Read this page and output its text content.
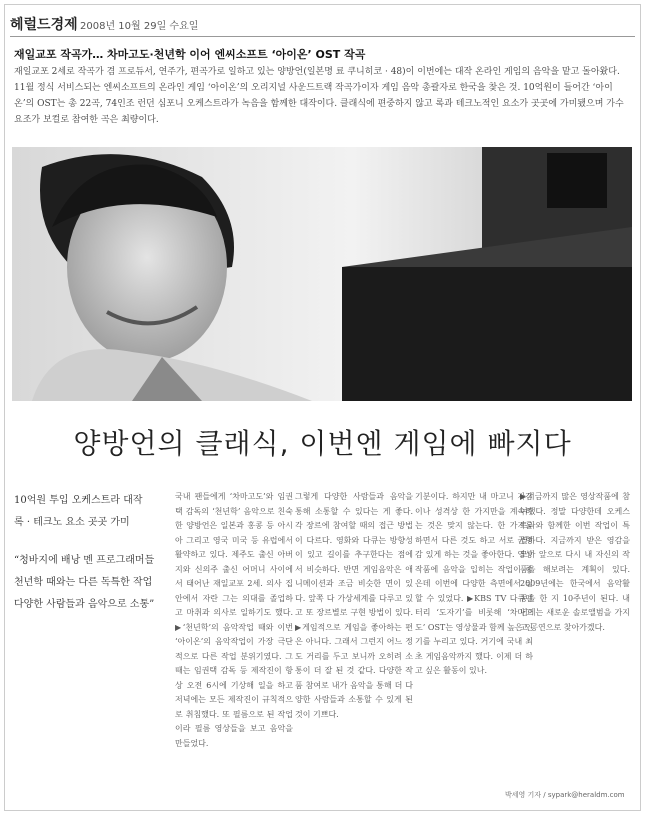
헤럴드경제 2008년 10월 29일 수요일
재일교포 작곡가… 차마고도·천년학 이어 엔씨소프트 ‘아이온’ OST 작곡
재일교포 2세로 작곡가 겸 프로듀서, 연주가, 편곡가로 일하고 있는 양방언(일본명 료 쿠니히코 · 48)이 이번에는 대작 온라인 게임의 음악을 맡고 돌아왔다. 11월 정식 서비스되는 엔씨소프트의 온라인 게임 ‘아이온’의 오리지널 사운드트랙 작곡가이자 게임 음악 총괄자로 한국을 찾은 것. 10억원이 들어간 ‘아이온’의 OST는 총 22곡, 74인조 런던 심포니 오케스트라가 녹음을 함께한 대작이다. 클래식에 편중하지 않고 록과 테크노적인 요소가 곳곳에 가미됐으며 가수 요조가 보컬로 참여한 곡은 최량이다.
양방언의 클래식, 이번엔 게임에 빠지다
10억원 투입 오케스트라 대작
록 · 테크노 요소 곳곳 가미
“청바지에 배낭 멘 프로그래머들
천년학 때와는 다른 독특한 작업
다양한 사람들과 음악으로 소통”
국내 팬들에게 ‘차마고도’와 임권택 감독의 ‘천년학’ 음악으로 친숙한 양방언은 일본과 홍콩 등 아시아 그리고 영국 미국 등 유럽에서 활약하고 있다. 제주도 출신 아버지와 신의주 출신 어머니 사이에서 태어난 재일교포 2세. 의사 집안에서 자란 그는 의대를 졸업하고 마취과 의사로 일하기도 했다. ▶‘천년학’의 음악작업 때와 이번 ‘아이온’의 음악작업이 가장 극단적으로 다른 작업 분위기였다. 그때는 임권택 감독 등 제작진이 항상 오전 6시에 기상해 일을 하고 저녁에는 모든 제작진이 규칙적으로 취침했다. 또 필름으로 된 작업이라 필름 영상들을 보고 음악을 만들었다.
그렇게 다양한 사람들과 음악을 통해 소통할 수 있다는 게 좋다. 각 장르에 참여할 때의 접근 방법이 다르다. 영화와 다큐는 방향성이 있고 길이를 추구한다는 점에서 비슷하다. 반면 게임음악은 애니메이션과 조금 비슷한 면이 있다. 앞쪽 다 가상세계를 다루고 있고 또 장르별로 구현 방법이 있다. ▶게임적으로 게임을 좋아하는 편은 아니다. 그래서 그런지 어느 정도 거리를 두고 보니까 오히려 소통이 더 잘 된 것 같다. 다양한 작품 참여로 내가 음악을 통해 더 다양한 사람들과 소통할 수 있게 된 것이 기쁘다.
기분이다. 하지만 내 마고니 가감이나 성격상 한 가지만을 계속하는 것은 맞지 않는다. 한 가지를 하면서 다른 것도 하고 서로 균형감 있게 하는 것을 좋아한다. 영상작품에 음악을 입히는 작업이 좋은데 이번에 다양한 측면에서 일할 수 있었다. ▶KBS TV 다큐멘터리 ‘도자기’를 비롯해 ‘차마고도’ OST는 영상물과 함께 높은 인기를 누리고 있다. 거기에 국내 최초 게임음악까지 했다. 이제 더 하고 싶은 활동이 있나.
▶지금까지 많은 영상작품에 참여했다. 정말 다양한데 오케스트라와 함께한 이번 작업이 특별하다. 지금까지 받은 영감을 모아 앞으로 다시 내 자신의 작품을 해보려는 계획이 있다. 2009년에는 한국에서 음악활동을 한 지 10주년이 된다. 내년에는 새로운 솔로앨범을 가지고 공연으로 찾아가겠다.
박세영 기자 / sypark@heraldm.com
